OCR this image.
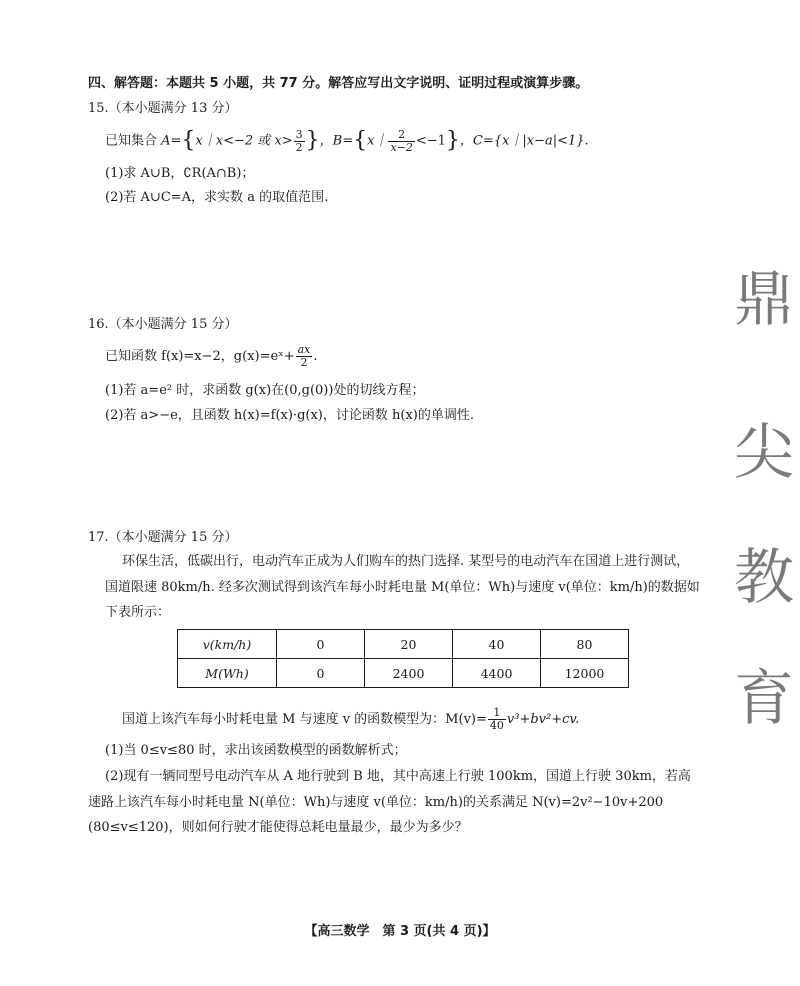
四、解答题：本题共 5 小题，共 77 分。解答应写出文字说明、证明过程或演算步骤。
15.（本小题满分 13 分）
已知集合 A={x｜x<−2 或 $x> \frac{3}{2}$ }，B={x｜ $\frac{2}{x-2} <-1$}，C={x｜|x−a|<1}.
(1)求 A∪B，∁R(A∩B)；
(2)若 A∪C=A，求实数 a 的取值范围.
16.（本小题满分 15 分）
已知函数 f(x)=x−2，g(x)=eˣ+ $\frac{ax}{2}$ .
(1)若 a=e² 时，求函数 g(x)在(0,g(0))处的切线方程；
(2)若 a>−e，且函数 h(x)=f(x)·g(x)，讨论函数 h(x)的单调性.
17.（本小题满分 15 分）
环保生活，低碳出行，电动汽车正成为人们购车的热门选择. 某型号的电动汽车在国道上进行测试，
国道限速 80km/h. 经多次测试得到该汽车每小时耗电量 M(单位：Wh)与速度 v(单位：km/h)的数据如
下表所示：
v(km/h)	0	20	40	80
M(Wh)	0	2400	4400	12000
国道上该汽车每小时耗电量 M 与速度 v 的函数模型为：$M(v)= \frac{1}{40} v^3+bv^2+cv$.
(1)当 0≤v≤80 时，求出该函数模型的函数解析式；
(2)现有一辆同型号电动汽车从 A 地行驶到 B 地，其中高速上行驶 100km，国道上行驶 30km，若高
速路上该汽车每小时耗电量 N(单位：Wh)与速度 v(单位：km/h)的关系满足 N(v)=2v²−10v+200
(80≤v≤120)，则如何行驶才能使得总耗电量最少，最少为多少？
鼎
尖
教
育
【高三数学　第 3 页(共 4 页)】
